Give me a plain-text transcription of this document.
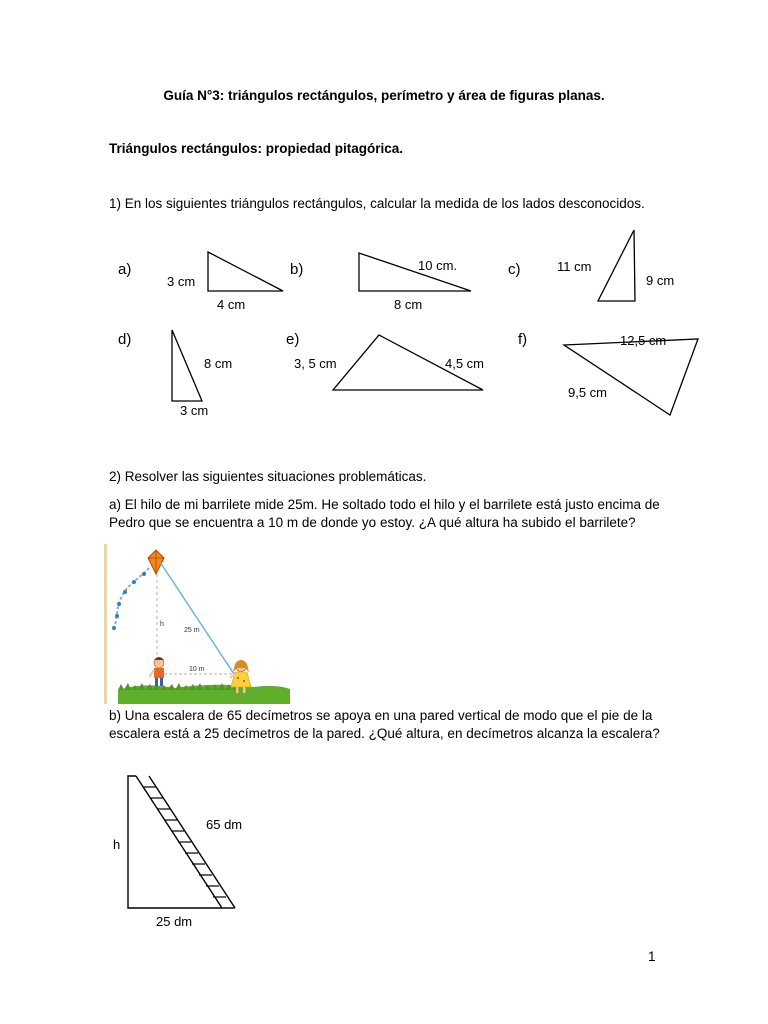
Guía N°3: triángulos rectángulos, perímetro y área de figuras planas.
Triángulos rectángulos: propiedad pitagórica.
1) En los siguientes triángulos rectángulos, calcular la medida de los lados desconocidos.
a)
3 cm
4 cm
b)	10 cm.
8 cm
c)	11 cm
9 cm
d)
8 cm
3 cm
e)
3, 5 cm	4,5 cm
f)	12,5 cm
9,5 cm
2) Resolver las siguientes situaciones problemáticas.
a) El hilo de mi barrilete mide 25m. He soltado todo el hilo y el barrilete está justo encima de
Pedro que se encuentra a 10 m de donde yo estoy. ¿A qué altura ha subido el barrilete?
h
25 m
10 m
b) Una escalera de 65 decímetros se apoya en una pared vertical de modo que el pie de la
escalera está a 25 decímetros de la pared. ¿Qué altura, en decímetros alcanza la escalera?
h
65 dm
25 dm
1
